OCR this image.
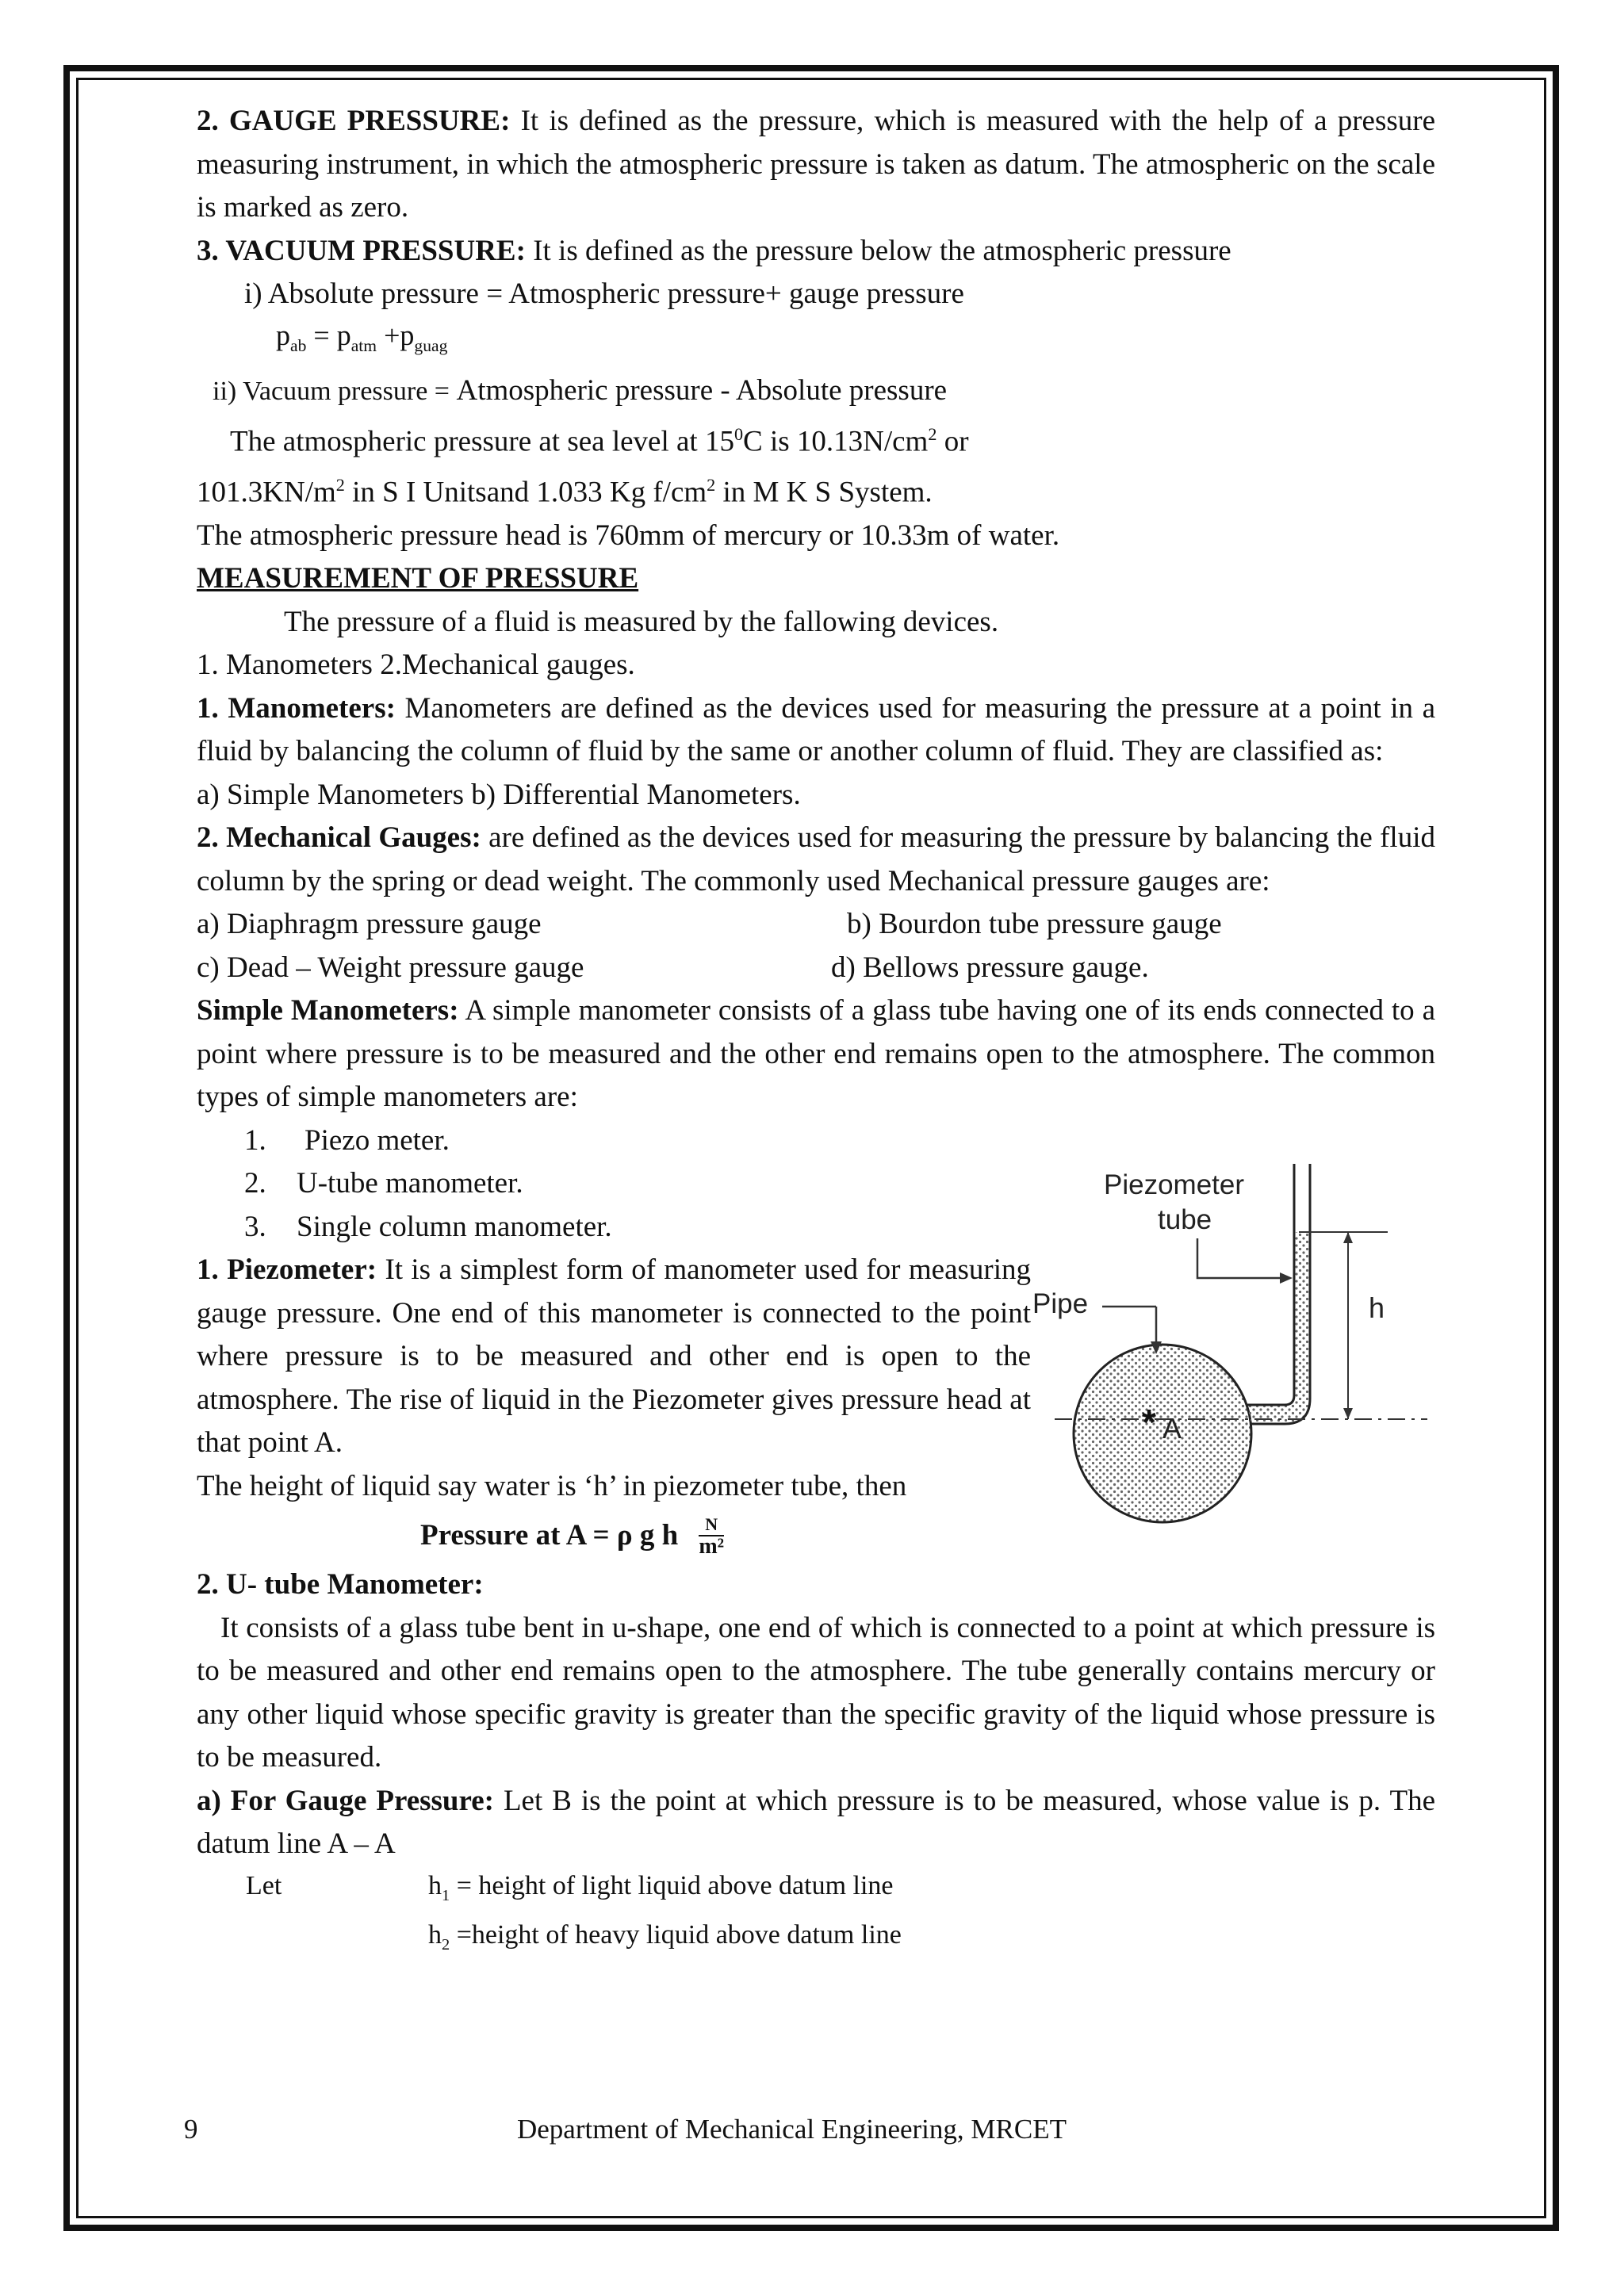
2. GAUGE PRESSURE: It is defined as the pressure, which is measured with the help of a pressure measuring instrument, in which the atmospheric pressure is taken as datum. The atmospheric on the scale is marked as zero.

3. VACUUM PRESSURE: It is defined as the pressure below the atmospheric pressure

i) Absolute pressure = Atmospheric pressure+ gauge pressure

$p_{ab} = p_{atm} +p_{guag}$

ii) Vacuum pressure = Atmospheric pressure - Absolute pressure

The atmospheric pressure at sea level at $15^0C$ is $10.13N/cm^2$ or

$101.3KN/m^2$ in S I Unitsand 1.033 Kg $f/cm^2$ in M K S System.

The atmospheric pressure head is 760mm of mercury or 10.33m of water.

MEASUREMENT OF PRESSURE

The pressure of a fluid is measured by the fallowing devices.

1. Manometers 2.Mechanical gauges.

1. Manometers: Manometers are defined as the devices used for measuring the pressure at a point in a fluid by balancing the column of fluid by the same or another column of fluid. They are classified as:

a) Simple Manometers b) Differential Manometers.

2. Mechanical Gauges: are defined as the devices used for measuring the pressure by balancing the fluid column by the spring or dead weight. The commonly used Mechanical pressure gauges are:

a) Diaphragm pressure gauge	b) Bourdon tube pressure gauge
c) Dead – Weight pressure gauge	d) Bellows pressure gauge.

Simple Manometers: A simple manometer consists of a glass tube having one of its ends connected to a point where pressure is to be measured and the other end remains open to the atmosphere. The common types of simple manometers are:

1.	Piezo meter.
2.	U-tube manometer.
3.	Single column manometer.

1. Piezometer: It is a simplest form of manometer used for measuring gauge pressure. One end of this manometer is connected to the point where pressure is to be measured and other end is open to the atmosphere. The rise of liquid in the Piezometer gives pressure head at that point A.

h
Piezometer
tube
Pipe
* A

The height of liquid say water is ‘h’ in piezometer tube, then

Pressure at A = ρ g h $\frac{N}{\text{m²}}$

2. U- tube Manometer:

It consists of a glass tube bent in u-shape, one end of which is connected to a point at which pressure is to be measured and other end remains open to the atmosphere. The tube generally contains mercury or any other liquid whose specific gravity is greater than the specific gravity of the liquid whose pressure is to be measured.

a) For Gauge Pressure: Let B is the point at which pressure is to be measured, whose value is p. The datum line A – A

Let	$h_1$ = height of light liquid above datum line
$h_2$ =height of heavy liquid above datum line
9	Department of Mechanical Engineering, MRCET
